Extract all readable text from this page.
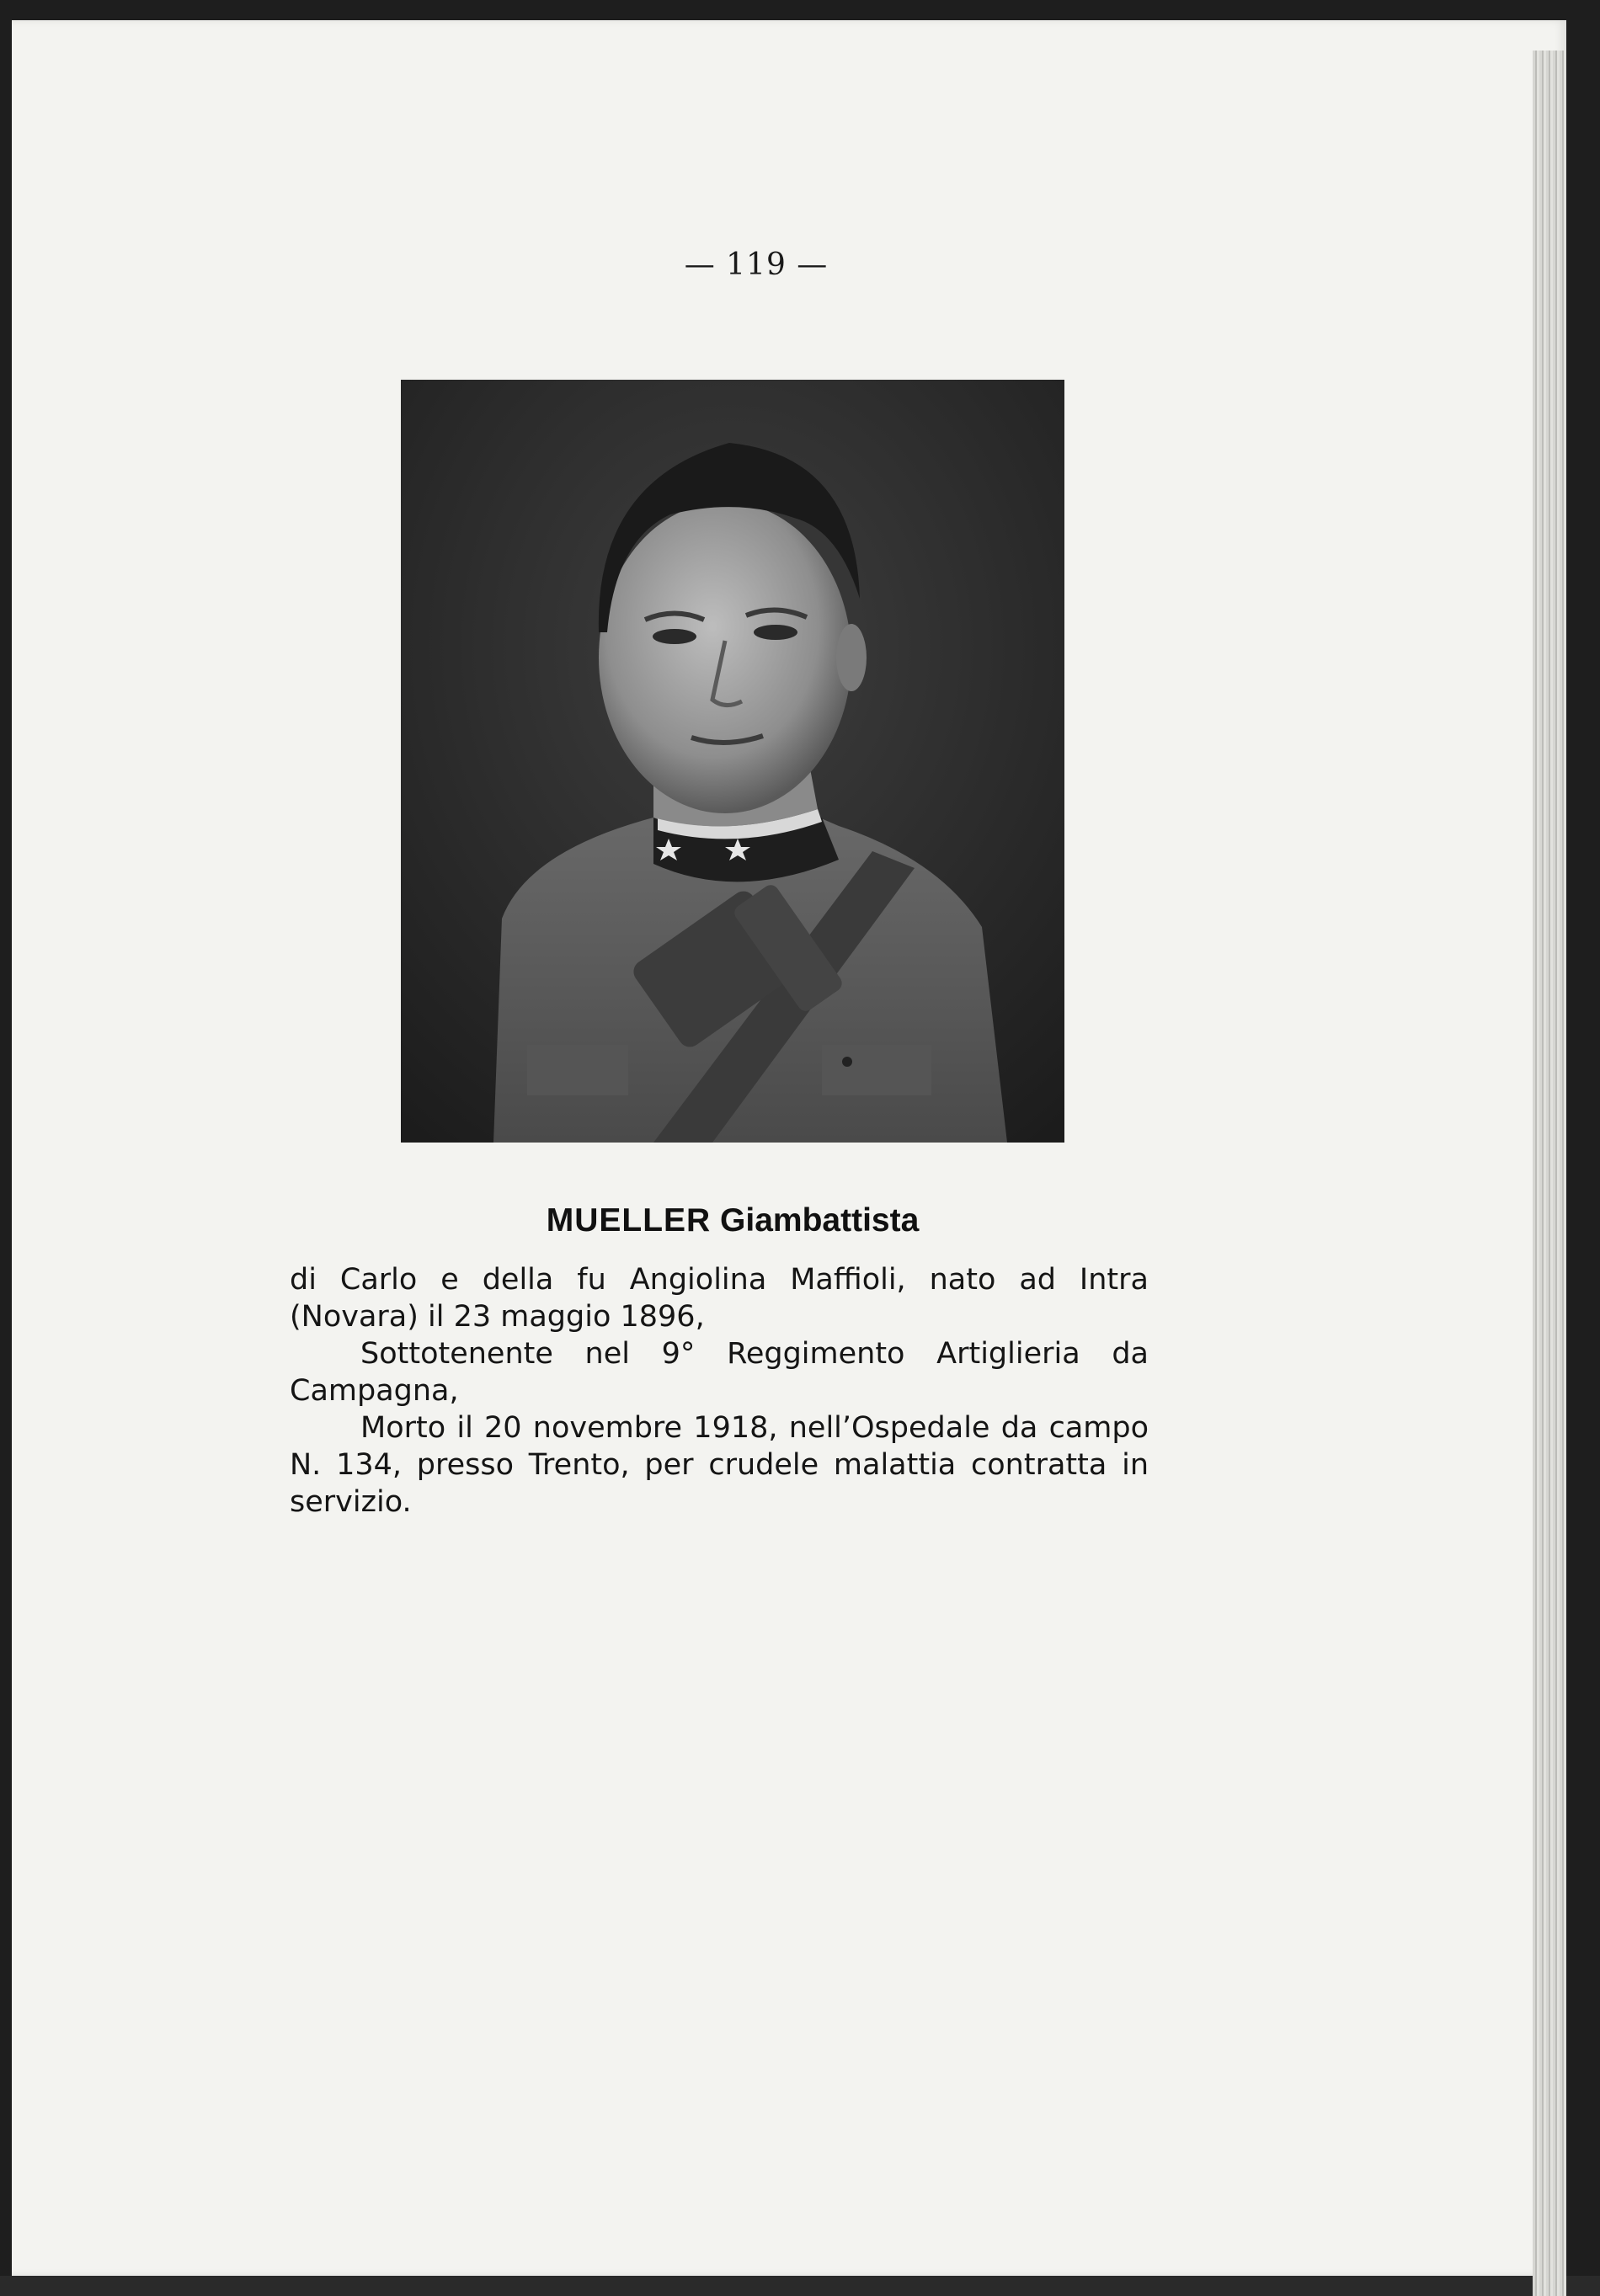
— 119 —
MUELLER Giambattista

di Carlo e della fu Angiolina Maffioli, nato ad Intra (Novara) il 23 maggio 1896,

Sottotenente nel 9° Reggimento Artiglieria da Campagna,

Morto il 20 novembre 1918, nell’Ospedale da campo N. 134, presso Trento, per crudele malattia contratta in servizio.
